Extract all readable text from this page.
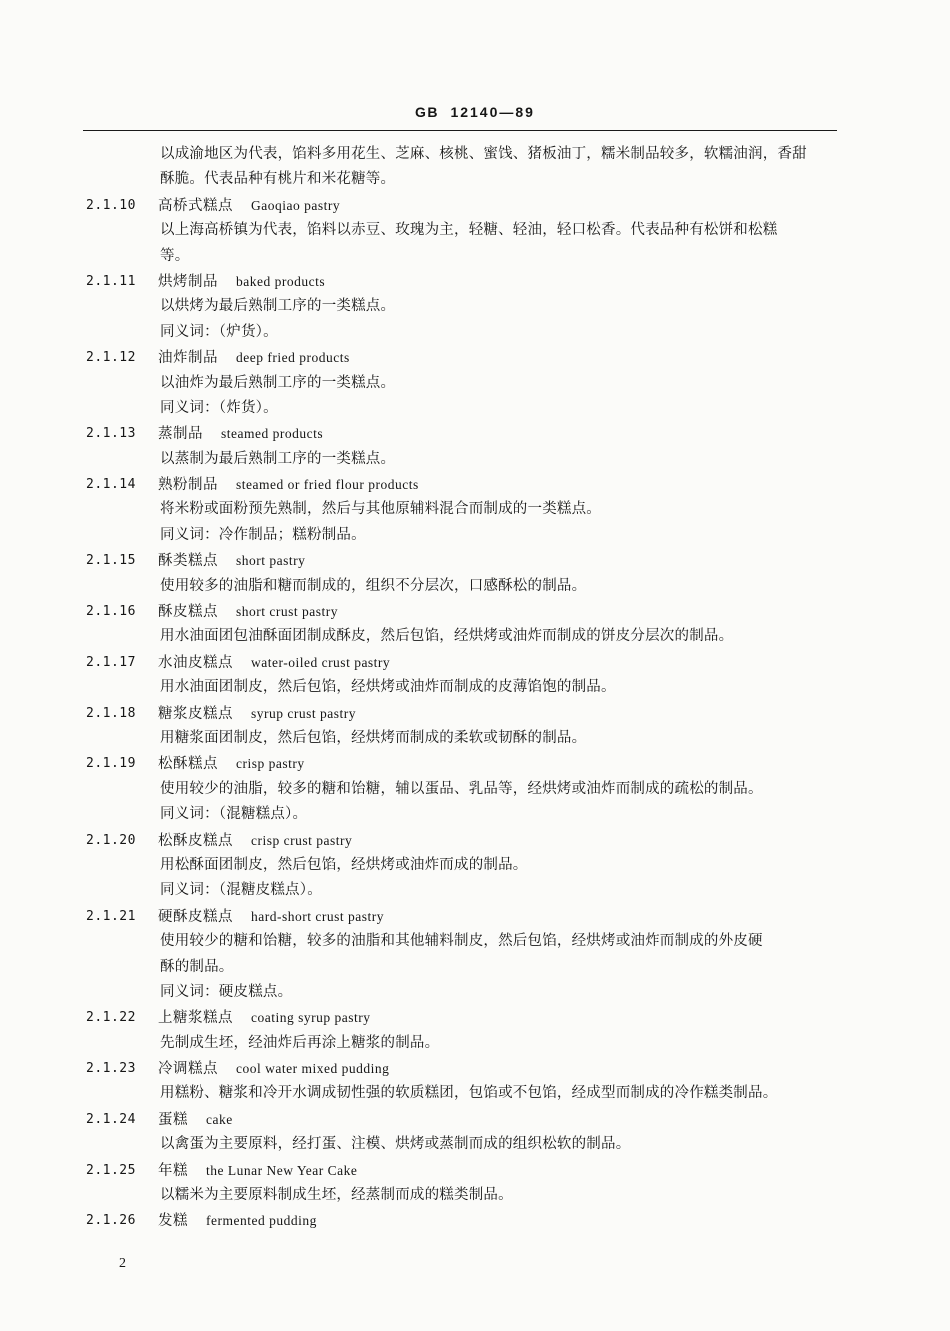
GB 12140—89
以成渝地区为代表，馅料多用花生、芝麻、核桃、蜜饯、猪板油丁，糯米制品较多，软糯油润，香甜
酥脆。代表品种有桃片和米花糖等。
2.1.10 高桥式糕点 Gaoqiao pastry
以上海高桥镇为代表，馅料以赤豆、玫瑰为主，轻糖、轻油，轻口松香。代表品种有松饼和松糕
等。
2.1.11 烘烤制品 baked products
以烘烤为最后熟制工序的一类糕点。
同义词：（炉货）。
2.1.12 油炸制品 deep fried products
以油炸为最后熟制工序的一类糕点。
同义词：（炸货）。
2.1.13 蒸制品 steamed products
以蒸制为最后熟制工序的一类糕点。
2.1.14 熟粉制品 steamed or fried flour products
将米粉或面粉预先熟制，然后与其他原辅料混合而制成的一类糕点。
同义词：冷作制品；糕粉制品。
2.1.15 酥类糕点 short pastry
使用较多的油脂和糖而制成的，组织不分层次，口感酥松的制品。
2.1.16 酥皮糕点 short crust pastry
用水油面团包油酥面团制成酥皮，然后包馅，经烘烤或油炸而制成的饼皮分层次的制品。
2.1.17 水油皮糕点 water-oiled crust pastry
用水油面团制皮，然后包馅，经烘烤或油炸而制成的皮薄馅饱的制品。
2.1.18 糖浆皮糕点 syrup crust pastry
用糖浆面团制皮，然后包馅，经烘烤而制成的柔软或韧酥的制品。
2.1.19 松酥糕点 crisp pastry
使用较少的油脂，较多的糖和饴糖，辅以蛋品、乳品等，经烘烤或油炸而制成的疏松的制品。
同义词：（混糖糕点）。
2.1.20 松酥皮糕点 crisp crust pastry
用松酥面团制皮，然后包馅，经烘烤或油炸而成的制品。
同义词：（混糖皮糕点）。
2.1.21 硬酥皮糕点 hard-short crust pastry
使用较少的糖和饴糖，较多的油脂和其他辅料制皮，然后包馅，经烘烤或油炸而制成的外皮硬
酥的制品。
同义词：硬皮糕点。
2.1.22 上糖浆糕点 coating syrup pastry
先制成生坯，经油炸后再涂上糖浆的制品。
2.1.23 冷调糕点 cool water mixed pudding
用糕粉、糖浆和冷开水调成韧性强的软质糕团，包馅或不包馅，经成型而制成的冷作糕类制品。
2.1.24 蛋糕 cake
以禽蛋为主要原料，经打蛋、注模、烘烤或蒸制而成的组织松软的制品。
2.1.25 年糕 the Lunar New Year Cake
以糯米为主要原料制成生坯，经蒸制而成的糕类制品。
2.1.26 发糕 fermented pudding
2
